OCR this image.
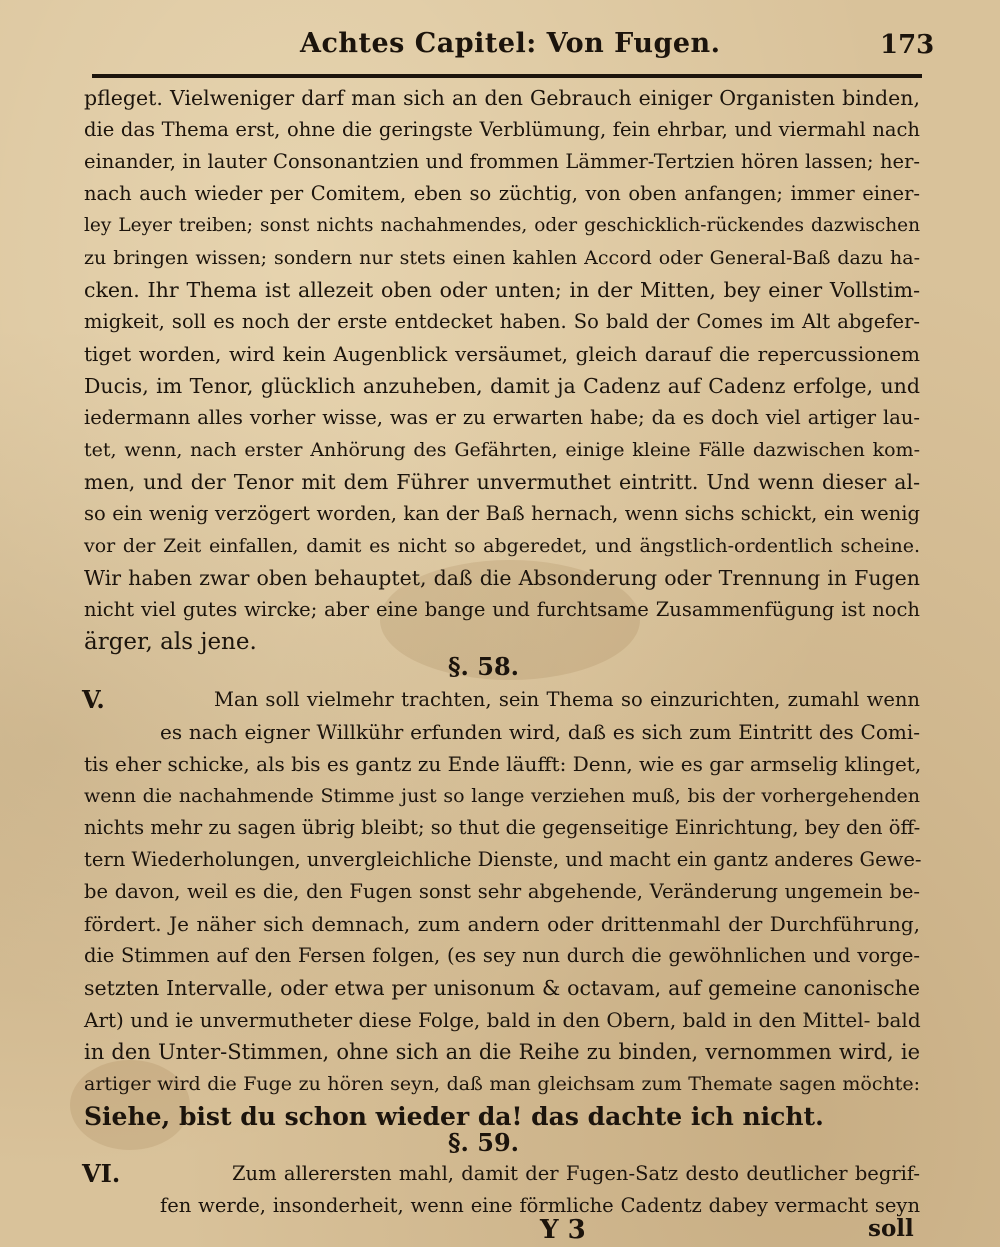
Achtes Capitel: Von Fugen.	173
pfleget. Vielweniger darf man sich an den Gebrauch einiger Organisten binden,
die das Thema erst, ohne die geringste Verblümung, fein ehrbar, und viermahl nach
einander, in lauter Consonantzien und frommen Lämmer-Tertzien hören lassen; her-
nach auch wieder per Comitem, eben so züchtig, von oben anfangen; immer einer-
ley Leyer treiben; sonst nichts nachahmendes, oder geschicklich-rückendes dazwischen
zu bringen wissen; sondern nur stets einen kahlen Accord oder General-Baß dazu ha-
cken. Ihr Thema ist allezeit oben oder unten; in der Mitten, bey einer Vollstim-
migkeit, soll es noch der erste entdecket haben. So bald der Comes im Alt abgefer-
tiget worden, wird kein Augenblick versäumet, gleich darauf die repercussionem
Ducis, im Tenor, glücklich anzuheben, damit ja Cadenz auf Cadenz erfolge, und
iedermann alles vorher wisse, was er zu erwarten habe; da es doch viel artiger lau-
tet, wenn, nach erster Anhörung des Gefährten, einige kleine Fälle dazwischen kom-
men, und der Tenor mit dem Führer unvermuthet eintritt. Und wenn dieser al-
so ein wenig verzögert worden, kan der Baß hernach, wenn sichs schickt, ein wenig
vor der Zeit einfallen, damit es nicht so abgeredet, und ängstlich-ordentlich scheine.
Wir haben zwar oben behauptet, daß die Absonderung oder Trennung in Fugen
nicht viel gutes wircke; aber eine bange und furchtsame Zusammenfügung ist noch
ärger, als jene.
§. 58.
V.	Man soll vielmehr trachten, sein Thema so einzurichten, zumahl wenn
es nach eigner Willkühr erfunden wird, daß es sich zum Eintritt des Comi-
tis eher schicke, als bis es gantz zu Ende läufft: Denn, wie es gar armselig klinget,
wenn die nachahmende Stimme just so lange verziehen muß, bis der vorhergehenden
nichts mehr zu sagen übrig bleibt; so thut die gegenseitige Einrichtung, bey den öff-
tern Wiederholungen, unvergleichliche Dienste, und macht ein gantz anderes Gewe-
be davon, weil es die, den Fugen sonst sehr abgehende, Veränderung ungemein be-
fördert. Je näher sich demnach, zum andern oder drittenmahl der Durchführung,
die Stimmen auf den Fersen folgen, (es sey nun durch die gewöhnlichen und vorge-
setzten Intervalle, oder etwa per unisonum & octavam, auf gemeine canonische
Art) und ie unvermutheter diese Folge, bald in den Obern, bald in den Mittel- bald
in den Unter-Stimmen, ohne sich an die Reihe zu binden, vernommen wird, ie
artiger wird die Fuge zu hören seyn, daß man gleichsam zum Themate sagen möchte:
Siehe, bist du schon wieder da! das dachte ich nicht.
§. 59.
VI.	Zum allerersten mahl, damit der Fugen-Satz desto deutlicher begrif-
fen werde, insonderheit, wenn eine förmliche Cadentz dabey vermacht seyn
Y 3	soll
